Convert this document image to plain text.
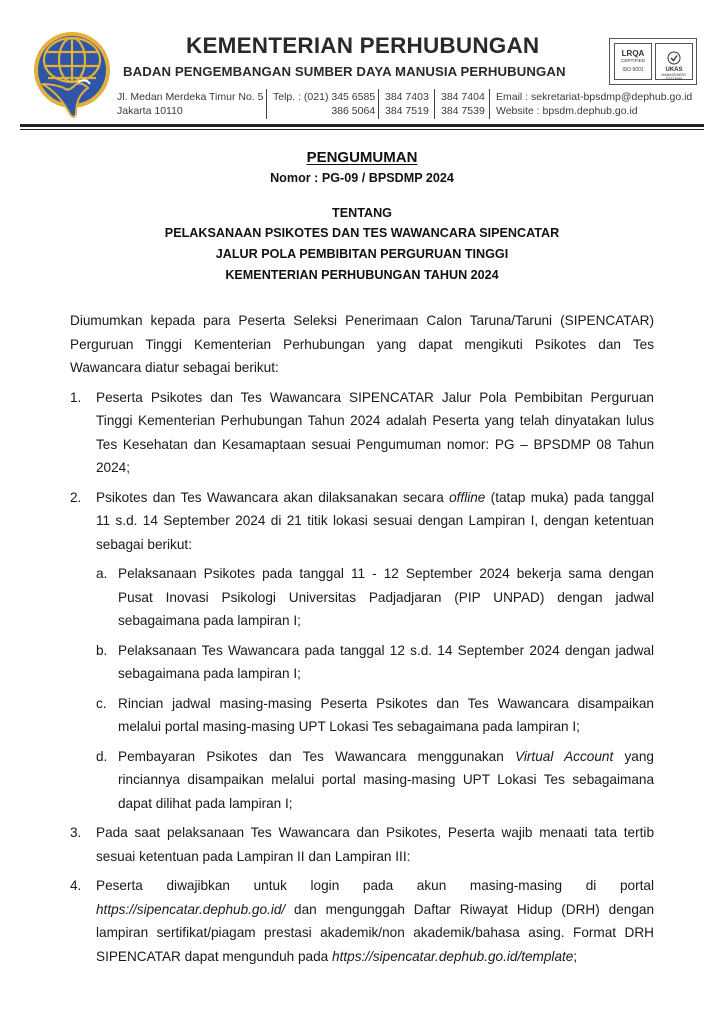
KEMENTERIAN PERHUBUNGAN
BADAN PENGEMBANGAN SUMBER DAYA MANUSIA PERHUBUNGAN
Jl. Medan Merdeka Timur No. 5
Jakarta 10110
Telp. : (021) 345 6585
386 5064
384 7403
384 7519
384 7404
384 7539
Email : sekretariat-bpsdmp@dephub.go.id
Website : bpsdm.dephub.go.id
LRQA
CERTIFIED
ISO 9001	UKAS
MANAGEMENT SYSTEMS
PENGUMUMAN
Nomor : PG-09 / BPSDMP 2024
TENTANG
PELAKSANAAN PSIKOTES DAN TES WAWANCARA SIPENCATAR
JALUR POLA PEMBIBITAN PERGURUAN TINGGI
KEMENTERIAN PERHUBUNGAN TAHUN 2024

Diumumkan kepada para Peserta Seleksi Penerimaan Calon Taruna/Taruni (SIPENCATAR) Perguruan Tinggi Kementerian Perhubungan yang dapat mengikuti Psikotes dan Tes Wawancara diatur sebagai berikut:

1. Peserta Psikotes dan Tes Wawancara SIPENCATAR Jalur Pola Pembibitan Perguruan Tinggi Kementerian Perhubungan Tahun 2024 adalah Peserta yang telah dinyatakan lulus Tes Kesehatan dan Kesamaptaan sesuai Pengumuman nomor: PG – BPSDMP 08 Tahun 2024;
2. Psikotes dan Tes Wawancara akan dilaksanakan secara offline (tatap muka) pada tanggal 11 s.d. 14 September 2024 di 21 titik lokasi sesuai dengan Lampiran I, dengan ketentuan sebagai berikut:
a. Pelaksanaan Psikotes pada tanggal 11 - 12 September 2024 bekerja sama dengan Pusat Inovasi Psikologi Universitas Padjadjaran (PIP UNPAD) dengan jadwal sebagaimana pada lampiran I;
b. Pelaksanaan Tes Wawancara pada tanggal 12 s.d. 14 September 2024 dengan jadwal sebagaimana pada lampiran I;
c. Rincian jadwal masing-masing Peserta Psikotes dan Tes Wawancara disampaikan melalui portal masing-masing UPT Lokasi Tes sebagaimana pada lampiran I;
d. Pembayaran Psikotes dan Tes Wawancara menggunakan Virtual Account yang rinciannya disampaikan melalui portal masing-masing UPT Lokasi Tes sebagaimana dapat dilihat pada lampiran I;
3. Pada saat pelaksanaan Tes Wawancara dan Psikotes, Peserta wajib menaati tata tertib sesuai ketentuan pada Lampiran II dan Lampiran III:
4. Peserta diwajibkan untuk login pada akun masing-masing di portal https://sipencatar.dephub.go.id/ dan mengunggah Daftar Riwayat Hidup (DRH) dengan lampiran sertifikat/piagam prestasi akademik/non akademik/bahasa asing. Format DRH SIPENCATAR dapat mengunduh pada https://sipencatar.dephub.go.id/template;
